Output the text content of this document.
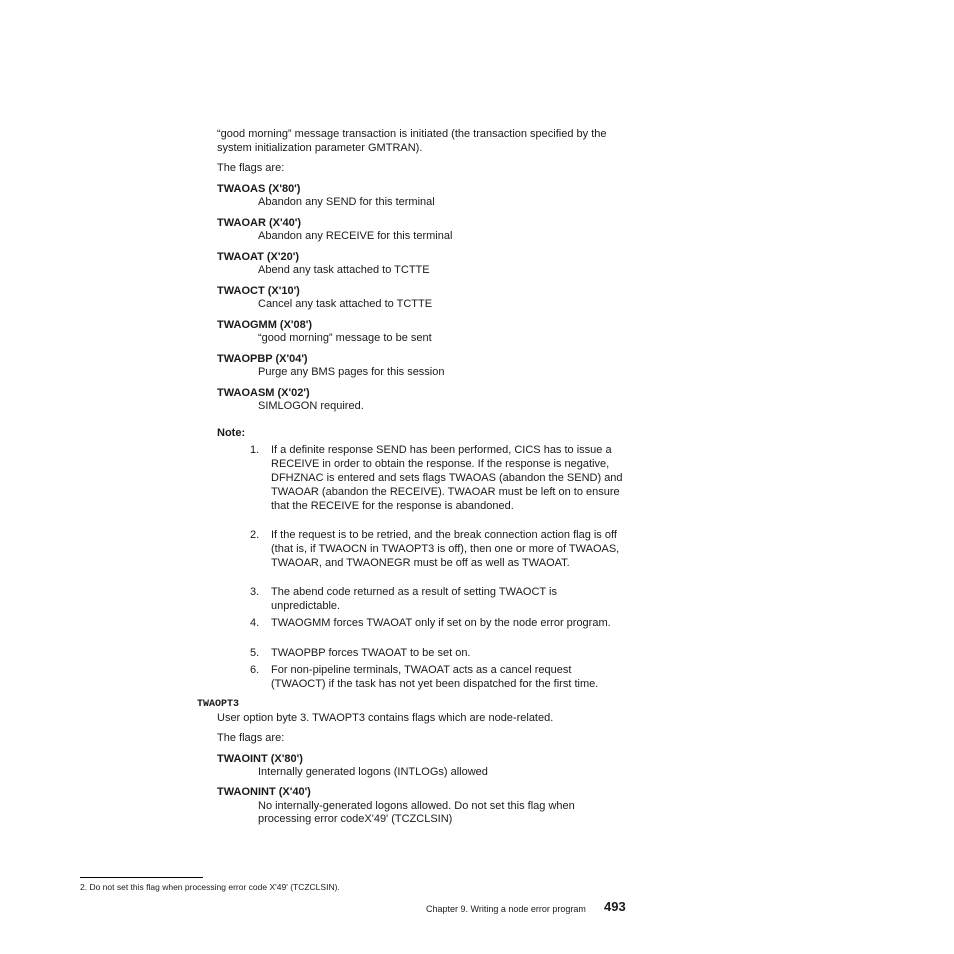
“good morning” message transaction is initiated (the transaction specified by the
system initialization parameter GMTRAN).
The flags are:
TWAOAS (X'80')
Abandon any SEND for this terminal
TWAOAR (X'40')
Abandon any RECEIVE for this terminal
TWAOAT (X'20')
Abend any task attached to TCTTE
TWAOCT (X'10')
Cancel any task attached to TCTTE
TWAOGMM (X'08')
“good morning” message to be sent
TWAOPBP (X'04')
Purge any BMS pages for this session
TWAOASM (X'02')
SIMLOGON required.
Note:
1.	If a definite response SEND has been performed, CICS has to issue a RECEIVE in order to obtain the response. If the response is negative, DFHZNAC is entered and sets flags TWAOAS (abandon the SEND) and TWAOAR (abandon the RECEIVE). TWAOAR must be left on to ensure that the RECEIVE for the response is abandoned.
2.	If the request is to be retried, and the break connection action flag is off (that is, if TWAOCN in TWAOPT3 is off), then one or more of TWAOAS, TWAOAR, and TWAONEGR must be off as well as TWAOAT.
3.	The abend code returned as a result of setting TWAOCT is unpredictable.
4.	TWAOGMM forces TWAOAT only if set on by the node error program.
5.	TWAOPBP forces TWAOAT to be set on.
6.	For non-pipeline terminals, TWAOAT acts as a cancel request (TWAOCT) if the task has not yet been dispatched for the first time.
TWAOPT3
User option byte 3. TWAOPT3 contains flags which are node-related.
The flags are:
TWAOINT (X'80')
Internally generated logons (INTLOGs) allowed
TWAONINT (X'40')
No internally-generated logons allowed. Do not set this flag when
processing error codeX'49' (TCZCLSIN)
2. Do not set this flag when processing error code X'49' (TCZCLSIN).
Chapter 9. Writing a node error program 493
